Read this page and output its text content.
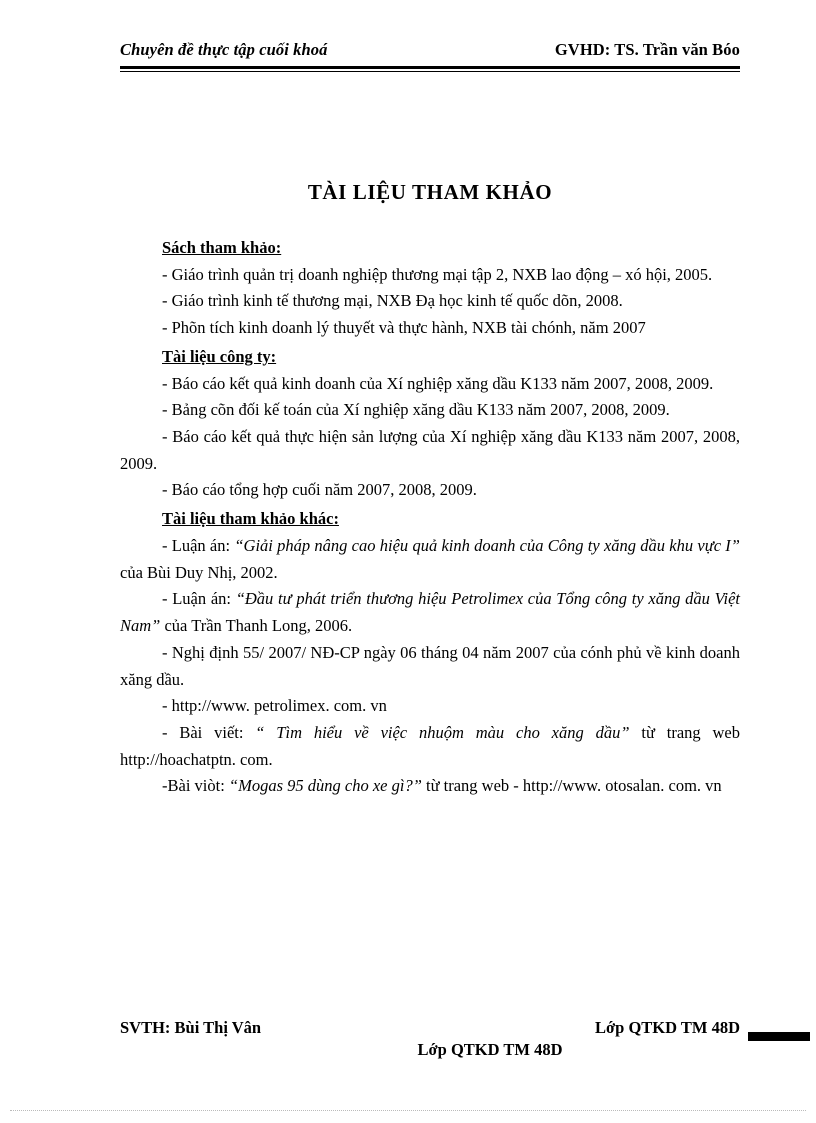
Chuyên đề thực tập cuối khoá	GVHD: TS. Trần văn Bóo
TÀI LIỆU THAM KHẢO
Sách tham khảo:

- Giáo trình quản trị doanh nghiệp thương mại tập 2, NXB lao động – xó hội, 2005.

- Giáo trình kinh tế thương mại, NXB Đạ học kinh tế quốc dõn, 2008.

- Phõn tích kinh doanh lý thuyết và thực hành, NXB tài chónh, năm 2007

Tài liệu công ty:

- Báo cáo kết quả kinh doanh của Xí nghiệp xăng dầu K133 năm 2007, 2008, 2009.

- Bảng cõn đối kế toán của Xí nghiệp xăng dầu K133 năm 2007, 2008, 2009.

- Báo cáo kết quả thực hiện sản lượng của Xí nghiệp xăng dầu K133 năm 2007, 2008, 2009.

- Báo cáo tổng hợp cuối năm 2007, 2008, 2009.

Tài liệu tham khảo khác:

- Luận án: “Giải pháp nâng cao hiệu quả kinh doanh của Công ty xăng dầu khu vực I” của Bùi Duy Nhị, 2002.

- Luận án: “Đầu tư phát triển thương hiệu Petrolimex của Tổng công ty xăng dầu Việt Nam” của Trần Thanh Long, 2006.

- Nghị định 55/ 2007/ NĐ-CP ngày 06 tháng 04 năm 2007 của cónh phủ về kinh doanh xăng dầu.

- http://www. petrolimex. com. vn

- Bài viết: “ Tìm hiểu về việc nhuộm màu cho xăng dầu” từ trang web http://hoachatptn. com.

-Bài viòt: “Mogas 95 dùng cho xe gì?” từ trang web - http://www. otosalan. com. vn

SVTH: Bùi Thị Vân	Lớp QTKD TM 48D
Lớp QTKD TM 48D
